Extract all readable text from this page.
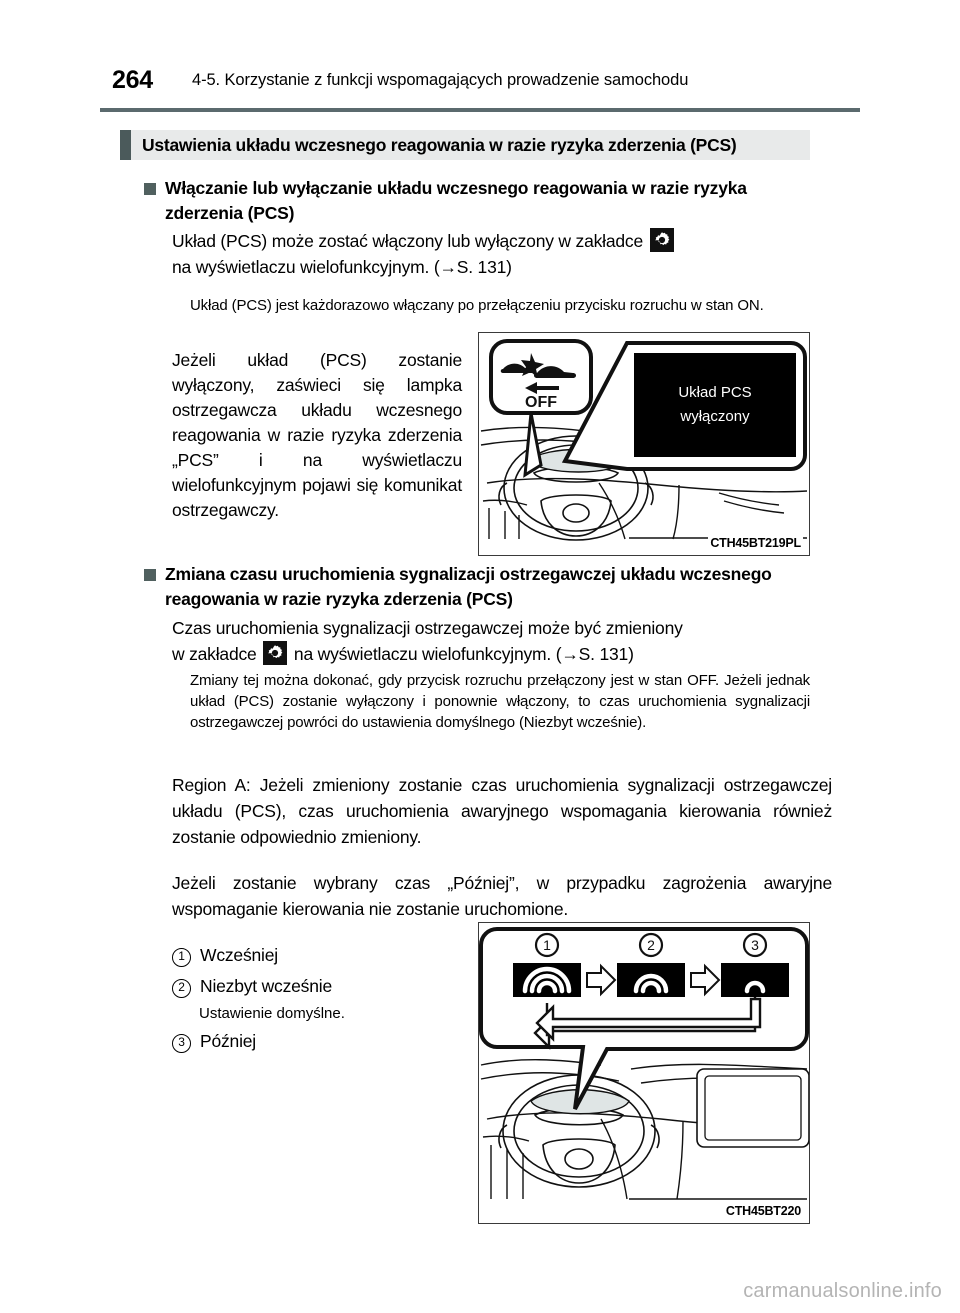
264 4-5. Korzystanie z funkcji wspomagających prowadzenie samochodu
Ustawienia układu wczesnego reagowania w razie ryzyka zderzenia (PCS)
Włączanie lub wyłączanie układu wczesnego reagowania w razie ryzyka zderzenia (PCS)
Układ (PCS) może zostać włączony lub wyłączony w zakładce

na wyświetlaczu wielofunkcyjnym. (→S. 131)
Układ (PCS) jest każdorazowo włączany po przełączeniu przycisku rozruchu w stan ON.
Jeżeli układ (PCS) zostanie wyłączony, zaświeci się lampka ostrzegawcza układu wczesnego reagowania w razie ryzyka zderzenia „PCS” i na wyświetlaczu wielofunkcyjnym pojawi się komunikat ostrzegawczy.
OFF
Układ PCS
wyłączony
CTH45BT219PL
Zmiana czasu uruchomienia sygnalizacji ostrzegawczej układu wczesnego reagowania w razie ryzyka zderzenia (PCS)
Czas uruchomienia sygnalizacji ostrzegawczej może być zmieniony
w zakładce na wyświetlaczu wielofunkcyjnym. (→S. 131)
Zmiany tej można dokonać, gdy przycisk rozruchu przełączony jest w stan OFF. Jeżeli jednak układ (PCS) zostanie wyłączony i ponownie włączony, to czas uruchomienia sygnalizacji ostrzegawczej powróci do ustawienia domyślnego (Niezbyt wcześnie).
Region A: Jeżeli zmieniony zostanie czas uruchomienia sygnalizacji ostrzegawczej układu (PCS), czas uruchomienia awaryjnego wspomagania kierowania również zostanie odpowiednio zmieniony.
Jeżeli zostanie wybrany czas „Później”, w przypadku zagrożenia awaryjne wspomaganie kierowania nie zostanie uruchomione.
1 Wcześniej
2 Niezbyt wcześnie
Ustawienie domyślne.
3 Później
1	2	3
CTH45BT220
carmanualsonline.info
